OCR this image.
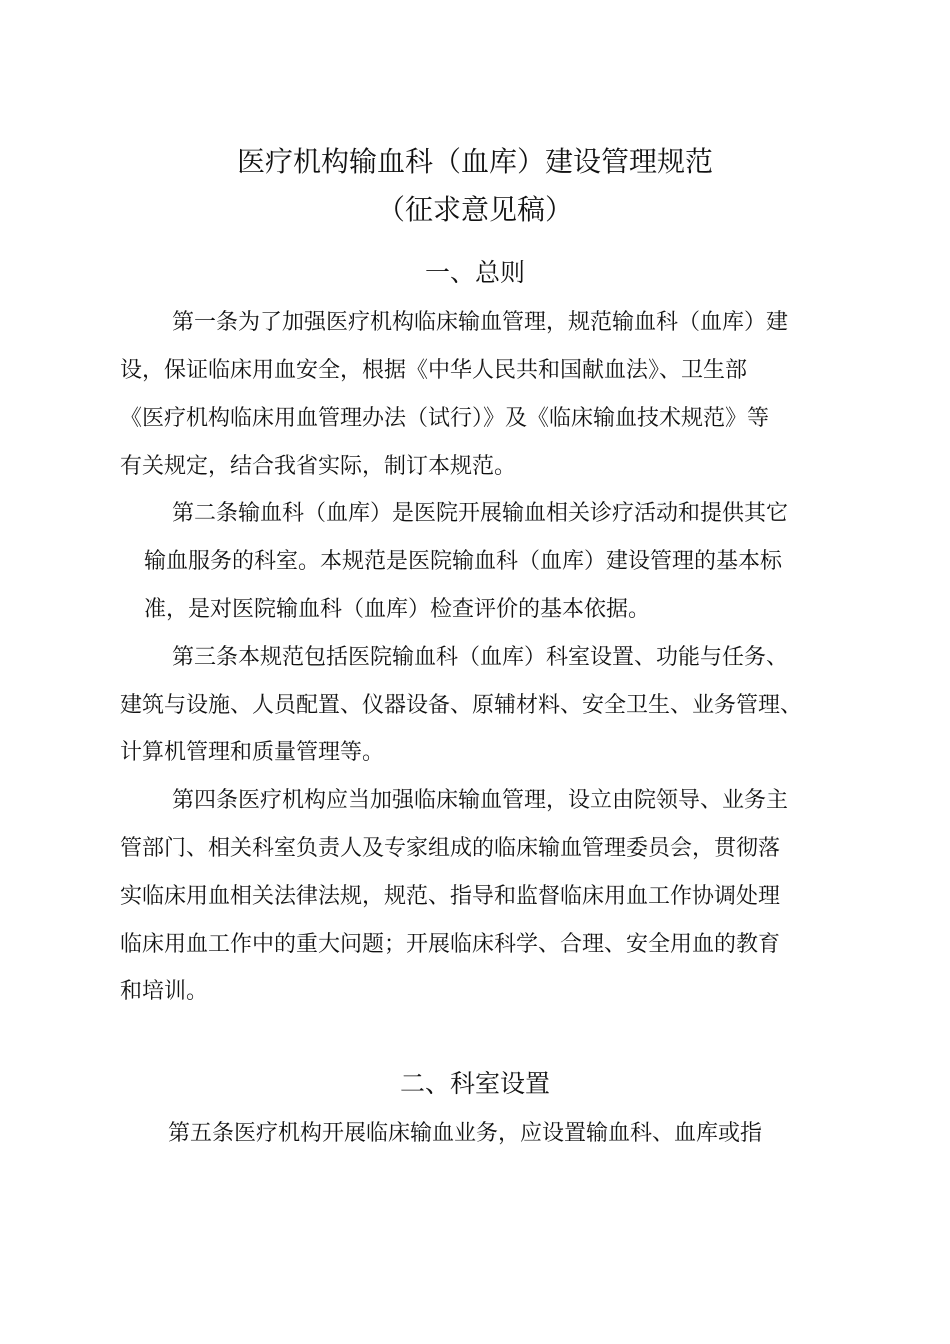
医疗机构输血科（血库）建设管理规范
（征求意见稿）
一、总则
第一条为了加强医疗机构临床输血管理，规范输血科（血库）建
设，保证临床用血安全，根据《中华人民共和国献血法》、卫生部
《医疗机构临床用血管理办法（试行）》及《临床输血技术规范》等
有关规定，结合我省实际，制订本规范。
第二条输血科（血库）是医院开展输血相关诊疗活动和提供其它
输血服务的科室。本规范是医院输血科（血库）建设管理的基本标
准，是对医院输血科（血库）检查评价的基本依据。
第三条本规范包括医院输血科（血库）科室设置、功能与任务、
建筑与设施、人员配置、仪器设备、原辅材料、安全卫生、业务管理、
计算机管理和质量管理等。
第四条医疗机构应当加强临床输血管理，设立由院领导、业务主
管部门、相关科室负责人及专家组成的临床输血管理委员会，贯彻落
实临床用血相关法律法规，规范、指导和监督临床用血工作协调处理
临床用血工作中的重大问题；开展临床科学、合理、安全用血的教育
和培训。
二、科室设置
第五条医疗机构开展临床输血业务，应设置输血科、血库或指
